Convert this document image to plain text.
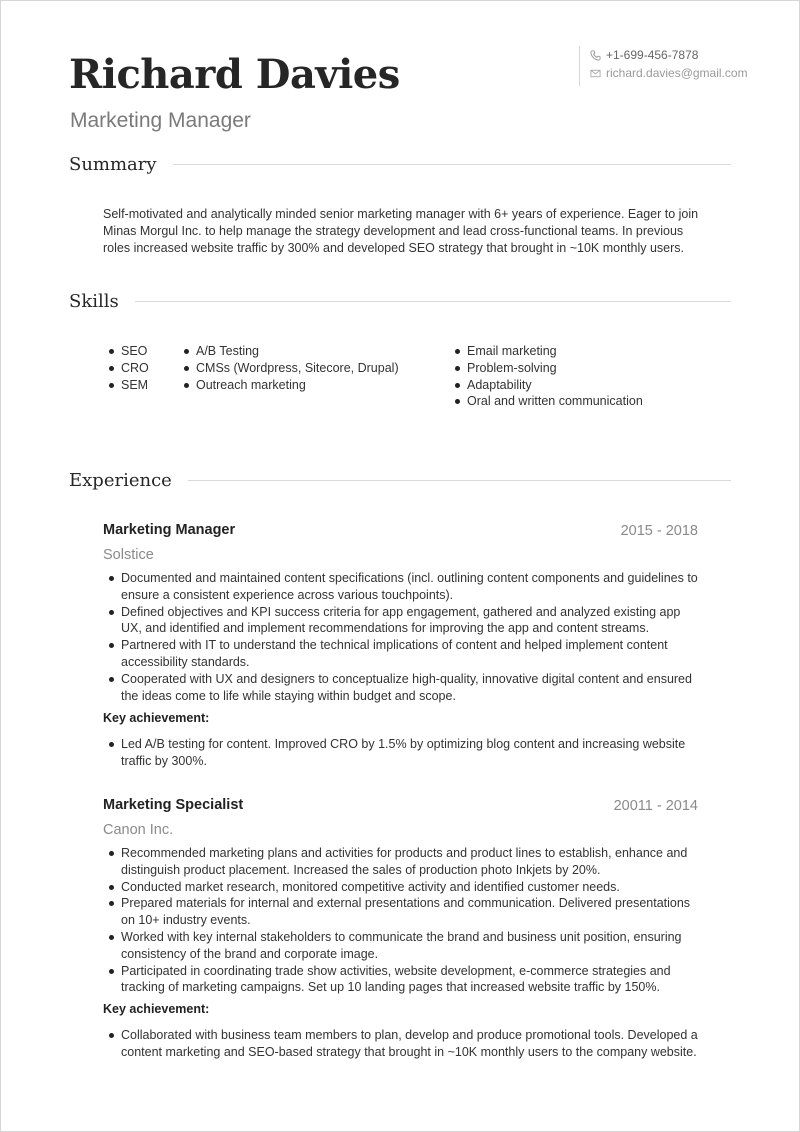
Richard Davies
Marketing Manager
+1-699-456-7878
richard.davies@gmail.com
Summary

Self-motivated and analytically minded senior marketing manager with 6+ years of experience. Eager to join Minas Morgul Inc. to help manage the strategy development and lead cross-functional teams. In previous roles increased website traffic by 300% and developed SEO strategy that brought in ~10K monthly users.

Skills
SEO
CRO
SEM
A/B Testing
CMSs (Wordpress, Sitecore, Drupal)
Outreach marketing
Email marketing
Problem-solving
Adaptability
Oral and written communication
Experience
Marketing Manager	2015 - 2018
Solstice
Documented and maintained content specifications (incl. outlining content components and guidelines to ensure a consistent experience across various touchpoints).
Defined objectives and KPI success criteria for app engagement, gathered and analyzed existing app UX, and identified and implement recommendations for improving the app and content streams.
Partnered with IT to understand the technical implications of content and helped implement content accessibility standards.
Cooperated with UX and designers to conceptualize high-quality, innovative digital content and ensured the ideas come to life while staying within budget and scope.
Key achievement:
Led A/B testing for content. Improved CRO by 1.5% by optimizing blog content and increasing website traffic by 300%.
Marketing Specialist	20011 - 2014
Canon Inc.
Recommended marketing plans and activities for products and product lines to establish, enhance and distinguish product placement. Increased the sales of production photo Inkjets by 20%.
Conducted market research, monitored competitive activity and identified customer needs.
Prepared materials for internal and external presentations and communication. Delivered presentations on 10+ industry events.
Worked with key internal stakeholders to communicate the brand and business unit position, ensuring consistency of the brand and corporate image.
Participated in coordinating trade show activities, website development, e-commerce strategies and tracking of marketing campaigns. Set up 10 landing pages that increased website traffic by 150%.
Key achievement:
Collaborated with business team members to plan, develop and produce promotional tools. Developed a content marketing and SEO-based strategy that brought in ~10K monthly users to the company website.
